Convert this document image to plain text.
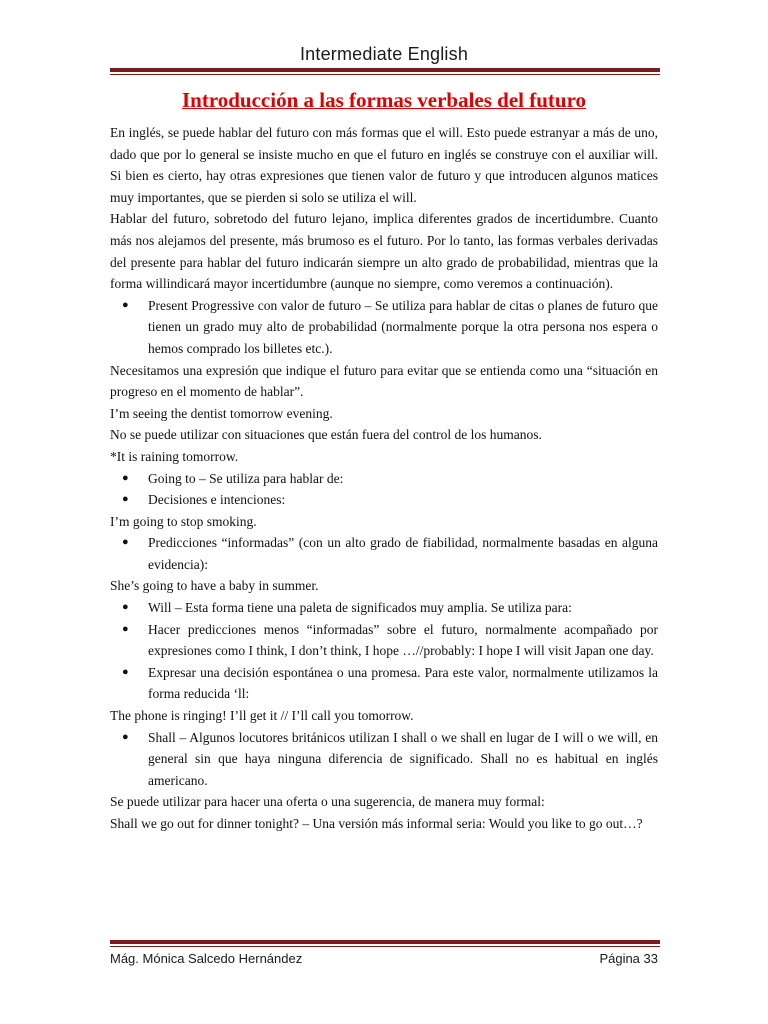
Intermediate English
Introducción a las formas verbales del futuro

En inglés, se puede hablar del futuro con más formas que el will. Esto puede estranyar a más de uno, dado que por lo general se insiste mucho en que el futuro en inglés se construye con el auxiliar will. Si bien es cierto, hay otras expresiones que tienen valor de futuro y que introducen algunos matices muy importantes, que se pierden si solo se utiliza el will.

Hablar del futuro, sobretodo del futuro lejano, implica diferentes grados de incertidumbre. Cuanto más nos alejamos del presente, más brumoso es el futuro. Por lo tanto, las formas verbales derivadas del presente para hablar del futuro indicarán siempre un alto grado de probabilidad, mientras que la forma willindicará mayor incertidumbre (aunque no siempre, como veremos a continuación).

● Present Progressive con valor de futuro – Se utiliza para hablar de citas o planes de futuro que tienen un grado muy alto de probabilidad (normalmente porque la otra persona nos espera o hemos comprado los billetes etc.).

Necesitamos una expresión que indique el futuro para evitar que se entienda como una “situación en progreso en el momento de hablar”.

I’m seeing the dentist tomorrow evening.

No se puede utilizar con situaciones que están fuera del control de los humanos.

*It is raining tomorrow.

● Going to – Se utiliza para hablar de:
● Decisiones e intenciones:

I’m going to stop smoking.

● Predicciones “informadas” (con un alto grado de fiabilidad, normalmente basadas en alguna evidencia):

She’s going to have a baby in summer.

● Will – Esta forma tiene una paleta de significados muy amplia. Se utiliza para:
● Hacer predicciones menos “informadas” sobre el futuro, normalmente acompañado por expresiones como I think, I don’t think, I hope …//probably: I hope I will visit Japan one day.
● Expresar una decisión espontánea o una promesa. Para este valor, normalmente utilizamos la forma reducida ‘ll:

The phone is ringing! I’ll get it // I’ll call you tomorrow.

● Shall – Algunos locutores británicos utilizan I shall o we shall en lugar de I will o we will, en general sin que haya ninguna diferencia de significado. Shall no es habitual en inglés americano.

Se puede utilizar para hacer una oferta o una sugerencia, de manera muy formal:

Shall we go out for dinner tonight? – Una versión más informal seria: Would you like to go out…?

Mág. Mónica Salcedo Hernández	Página 33
